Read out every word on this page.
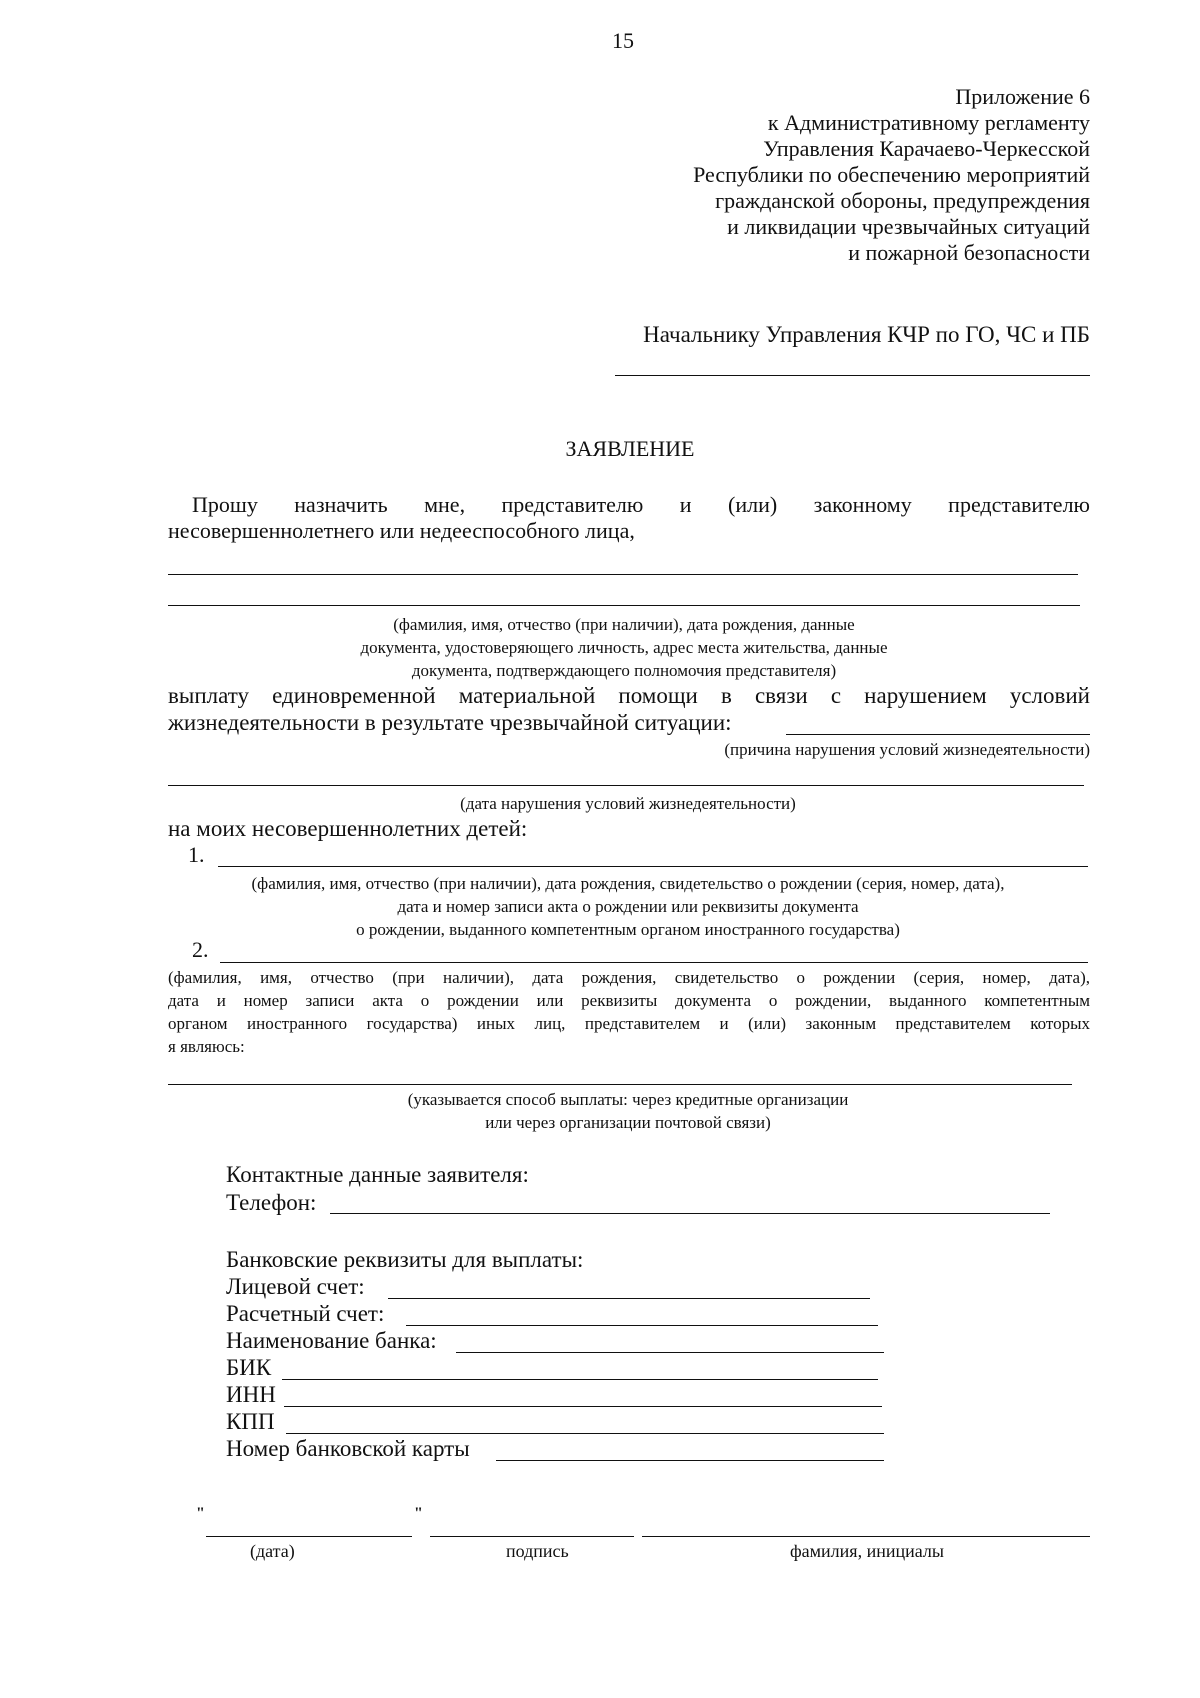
15
Приложение 6
к Административному регламенту
Управления Карачаево-Черкесской
Республики по обеспечению мероприятий
гражданской обороны, предупреждения
и ликвидации чрезвычайных ситуаций
и пожарной безопасности
Начальнику Управления КЧР по ГО, ЧС и ПБ
ЗАЯВЛЕНИЕ
Прошу назначить мне, представителю и (или) законному представителю
несовершеннолетнего или недееспособного лица,
(фамилия, имя, отчество (при наличии), дата рождения, данные
документа, удостоверяющего личность, адрес места жительства, данные
документа, подтверждающего полномочия представителя)
выплату единовременной материальной помощи в связи с нарушением условий
жизнедеятельности в результате чрезвычайной ситуации:
(причина нарушения условий жизнедеятельности)
(дата нарушения условий жизнедеятельности)
на моих несовершеннолетних детей:
1.
(фамилия, имя, отчество (при наличии), дата рождения, свидетельство о рождении (серия, номер, дата),
дата и номер записи акта о рождении или реквизиты документа
о рождении, выданного компетентным органом иностранного государства)
2.
(фамилия, имя, отчество (при наличии), дата рождения, свидетельство о рождении (серия, номер, дата),
дата и номер записи акта о рождении или реквизиты документа о рождении, выданного компетентным
органом иностранного государства) иных лиц, представителем и (или) законным представителем которых
я являюсь:
(указывается способ выплаты: через кредитные организации
или через организации почтовой связи)
Контактные данные заявителя:
Телефон:
Банковские реквизиты для выплаты:
Лицевой счет:
Расчетный счет:
Наименование банка:
БИК
ИНН
КПП
Номер банковской карты
"	"
(дата)	подпись	фамилия, инициалы
